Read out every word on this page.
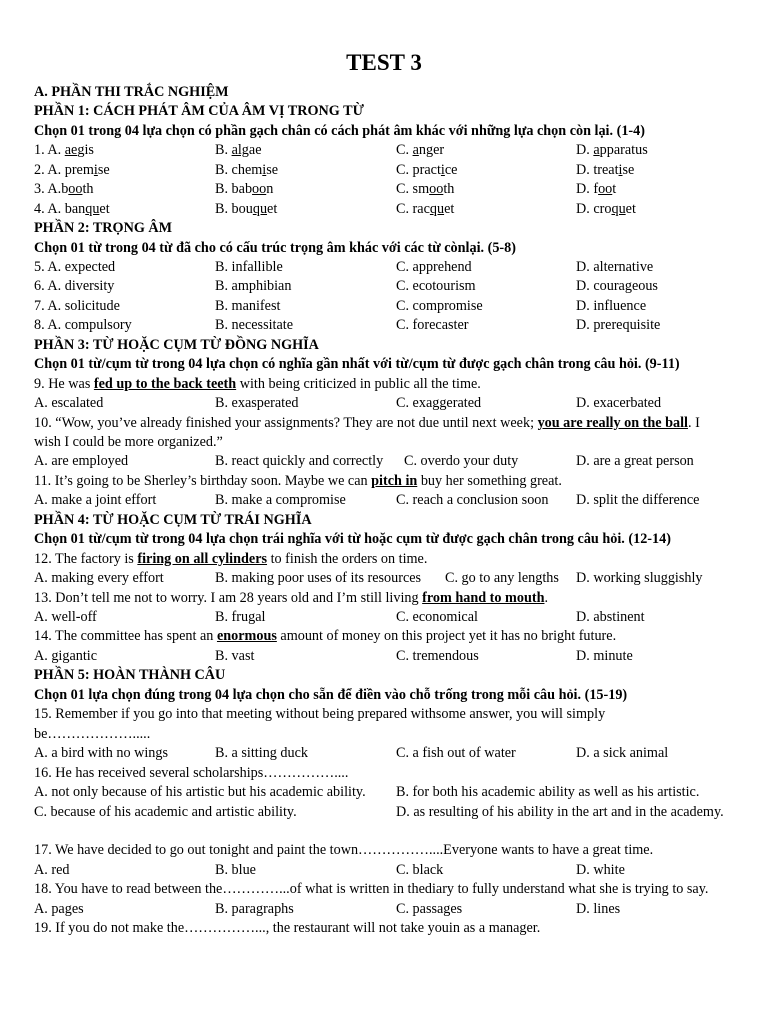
TEST 3
A. PHẦN THI TRẮC NGHIỆM
PHẦN 1: CÁCH PHÁT ÂM CỦA ÂM VỊ TRONG TỪ
Chọn 01 trong 04 lựa chọn có phần gạch chân có cách phát âm khác với những lựa chọn còn lại. (1-4)
1. A. aegis	B. algae	C. anger	D. apparatus
2. A. premise	B. chemise	C. practice	D. treatise
3. A.booth	B. baboon	C. smooth	D. foot
4. A. banquet	B. bouquet	C. racquet	D. croquet
PHẦN 2: TRỌNG ÂM
Chọn 01 từ trong 04 từ đã cho có cấu trúc trọng âm khác với các từ cònlại. (5-8)
5. A. expected	B. infallible	C. apprehend	D. alternative
6. A. diversity	B. amphibian	C. ecotourism	D. courageous
7. A. solicitude	B. manifest	C. compromise	D. influence
8. A. compulsory	B. necessitate	C. forecaster	D. prerequisite
PHẦN 3: TỪ HOẶC CỤM TỪ ĐỒNG NGHĨA
Chọn 01 từ/cụm từ trong 04 lựa chọn có nghĩa gần nhất với từ/cụm từ được gạch chân trong câu hỏi. (9-11)
9. He was fed up to the back teeth with being criticized in public all the time.
A. escalated	B. exasperated	C. exaggerated	D. exacerbated
10. “Wow, you’ve already finished your assignments? They are not due until next week; you are really on the ball. I wish I could be more organized.”
A. are employed	B. react quickly and correctly C. overdo your duty	D. are a great person
11. It’s going to be Sherley’s birthday soon. Maybe we can pitch in buy her something great.
A. make a joint effort	B. make a compromise	C. reach a conclusion soon D. split the difference
PHẦN 4: TỪ HOẶC CỤM TỪ TRÁI NGHĨA
Chọn 01 từ/cụm từ trong 04 lựa chọn trái nghĩa với từ hoặc cụm từ được gạch chân trong câu hỏi. (12-14)
12. The factory is firing on all cylinders to finish the orders on time.
A. making every effort	B. making poor uses of its resources C. go to any lengths D. working sluggishly
13. Don’t tell me not to worry. I am 28 years old and I’m still living from hand to mouth.
A. well-off	B. frugal	C. economical	D. abstinent
14. The committee has spent an enormous amount of money on this project yet it has no bright future.
A. gigantic	B. vast	C. tremendous	D. minute
PHẦN 5: HOÀN THÀNH CÂU
Chọn 01 lựa chọn đúng trong 04 lựa chọn cho sẵn để điền vào chỗ trống trong mỗi câu hỏi. (15-19)
15. Remember if you go into that meeting without being prepared withsome answer, you will simply be……………….....
A. a bird with no wings	B. a sitting duck	C. a fish out of water	D. a sick animal
16. He has received several scholarships……………....
A. not only because of his artistic but his academic ability. B. for both his academic ability as well as his artistic.
C. because of his academic and artistic ability.	D. as resulting of his ability in the art and in the academy.
17. We have decided to go out tonight and paint the town……………....Everyone wants to have a great time.
A. red	B. blue	C. black	D. white
18. You have to read between the…………...of what is written in thediary to fully understand what she is trying to say.
A. pages	B. paragraphs	C. passages	D. lines
19. If you do not make the……………..., the restaurant will not take youin as a manager.
